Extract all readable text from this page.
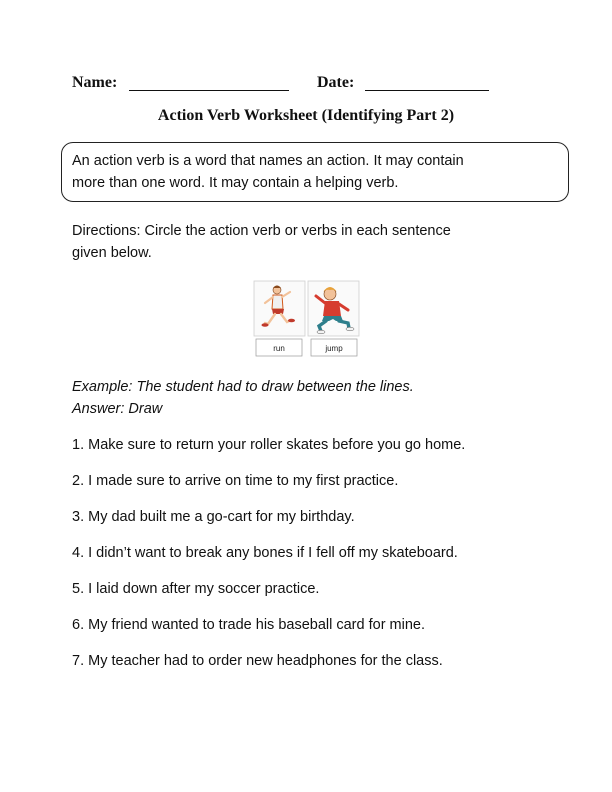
Name:	Date:
Action Verb Worksheet (Identifying Part 2)
An action verb is a word that names an action. It may contain
more than one word. It may contain a helping verb.
Directions: Circle the action verb or verbs in each sentence
given below.
run	jump
Example: The student had to draw between the lines.
Answer: Draw
1. Make sure to return your roller skates before you go home.
2. I made sure to arrive on time to my first practice.
3. My dad built me a go-cart for my birthday.
4. I didn’t want to break any bones if I fell off my skateboard.
5. I laid down after my soccer practice.
6. My friend wanted to trade his baseball card for mine.
7. My teacher had to order new headphones for the class.
